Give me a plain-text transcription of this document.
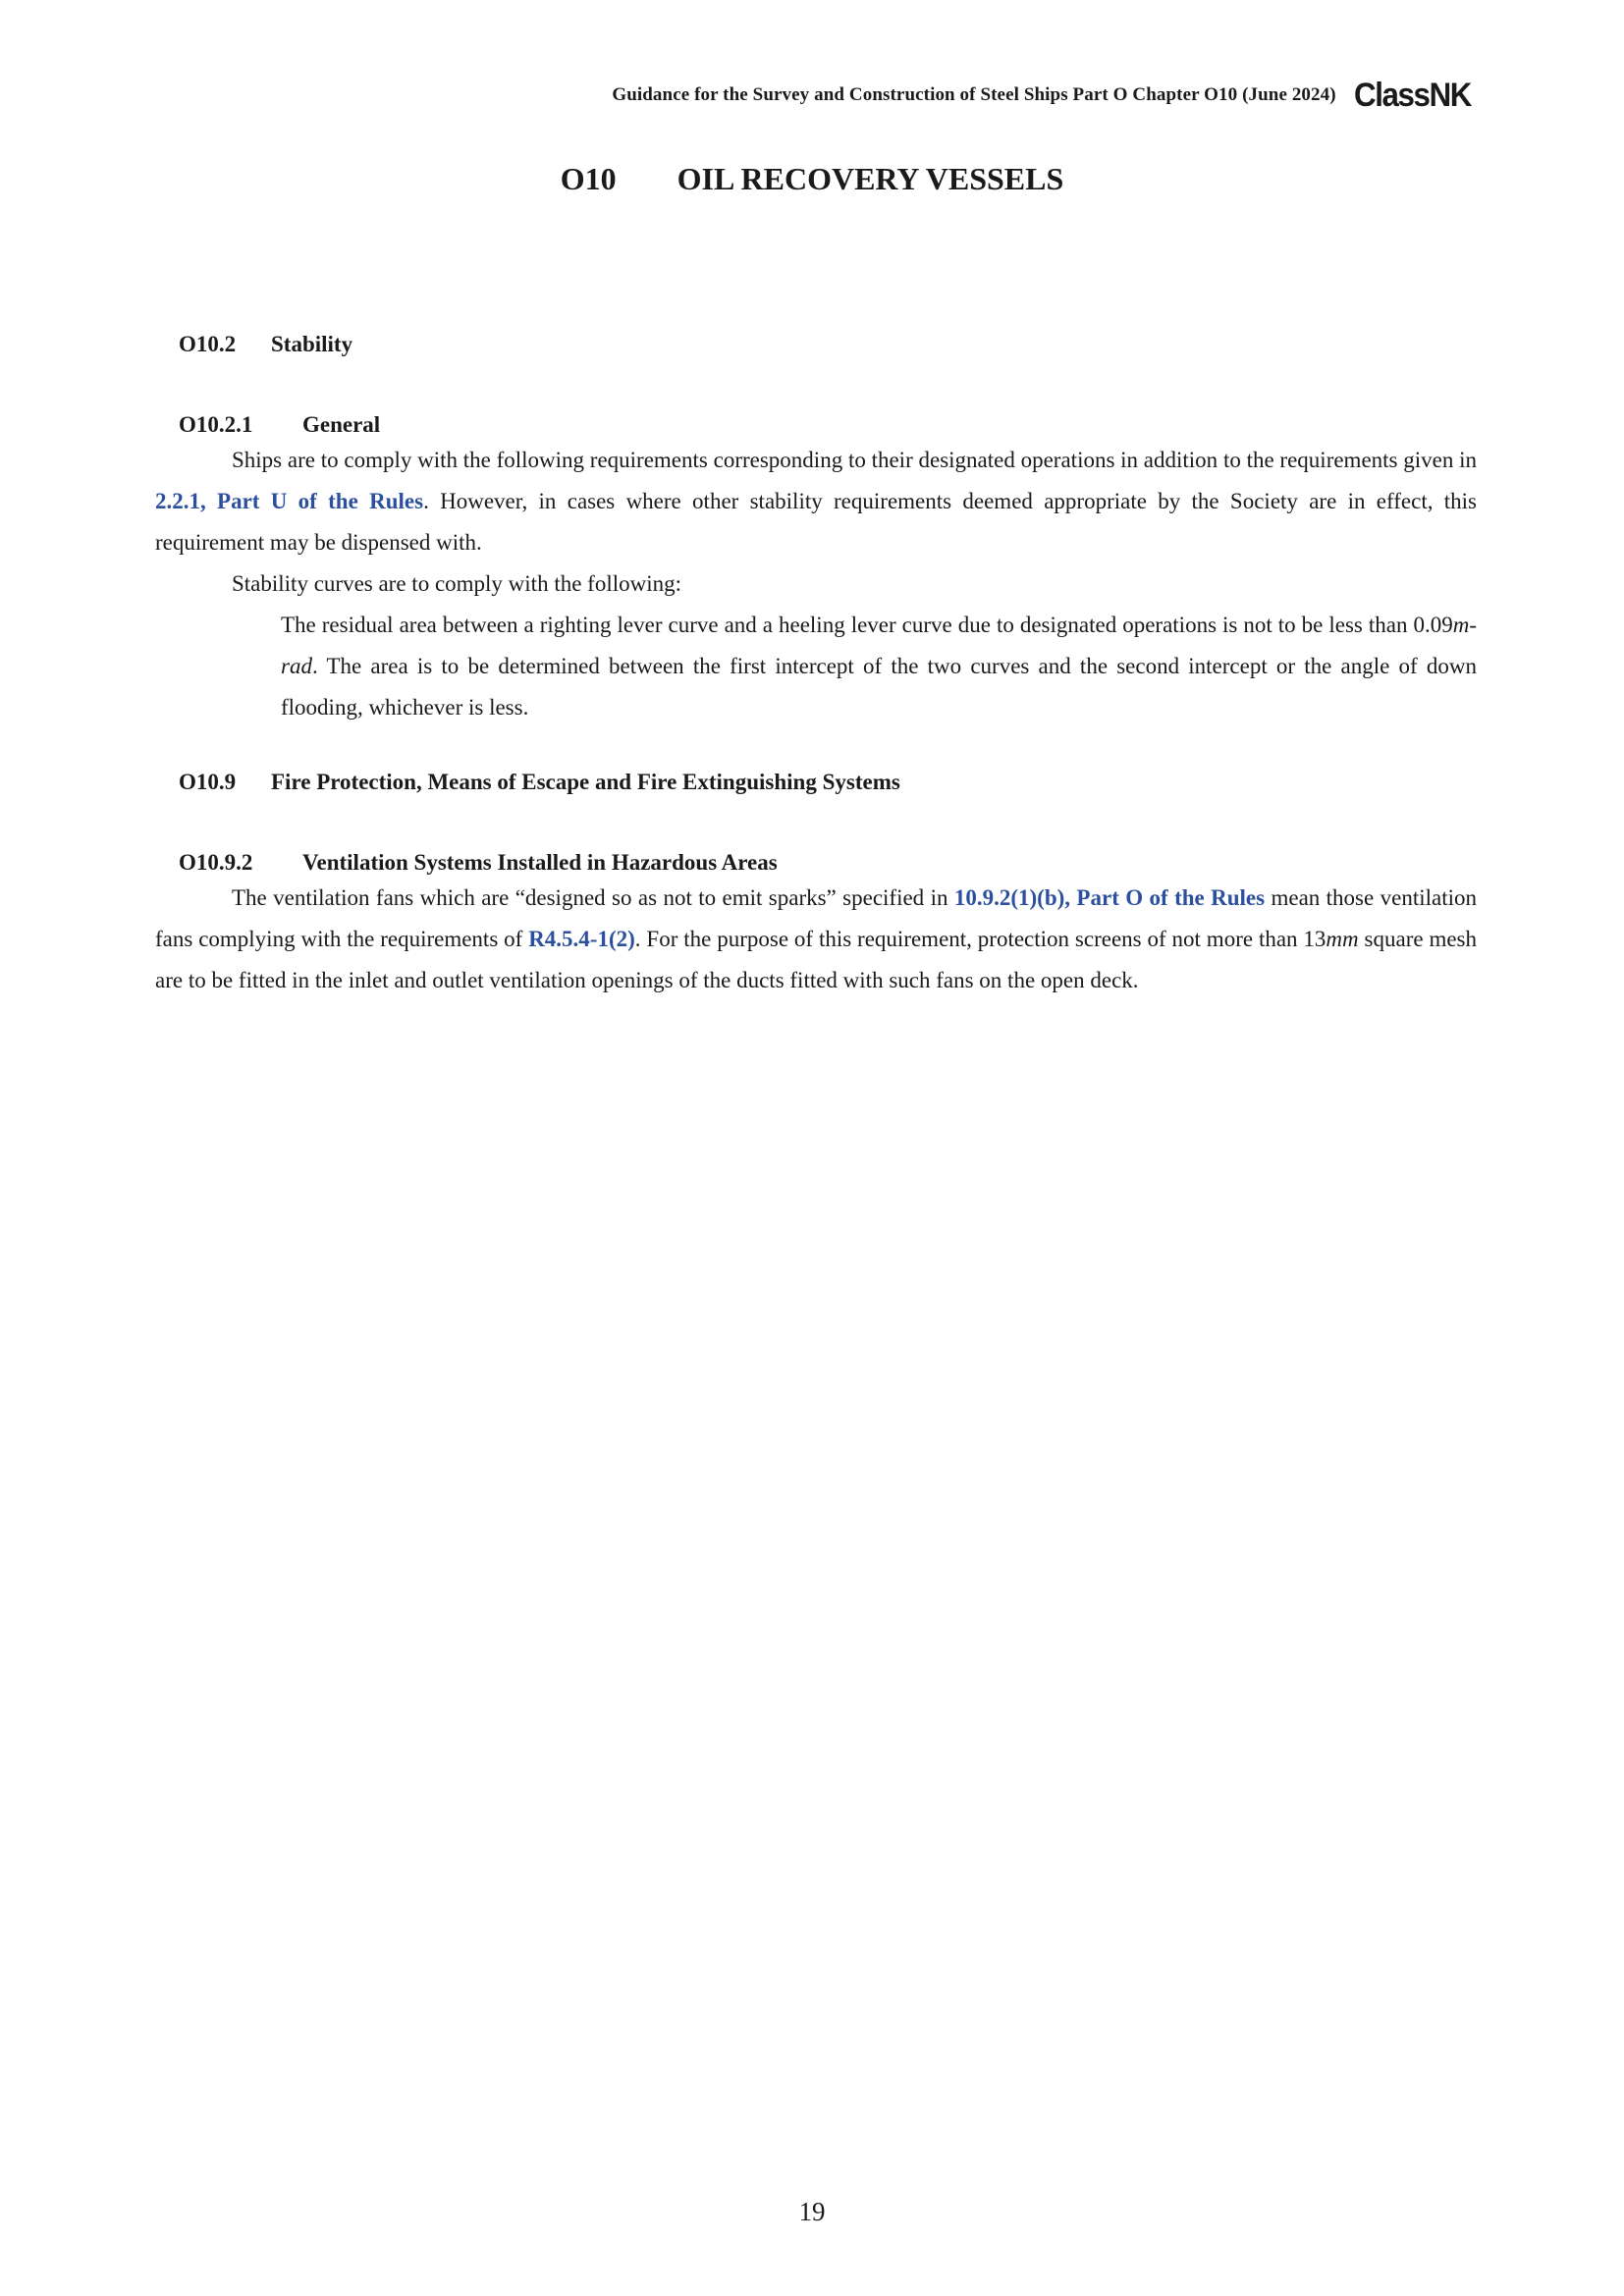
Guidance for the Survey and Construction of Steel Ships Part O Chapter O10 (June 2024) ClassNK
O10 OIL RECOVERY VESSELS
O10.2 Stability
O10.2.1 General

Ships are to comply with the following requirements corresponding to their designated operations in addition to the requirements given in 2.2.1, Part U of the Rules. However, in cases where other stability requirements deemed appropriate by the Society are in effect, this requirement may be dispensed with.

Stability curves are to comply with the following:

The residual area between a righting lever curve and a heeling lever curve due to designated operations is not to be less than 0.09m-rad. The area is to be determined between the first intercept of the two curves and the second intercept or the angle of down flooding, whichever is less.

O10.9 Fire Protection, Means of Escape and Fire Extinguishing Systems
O10.9.2 Ventilation Systems Installed in Hazardous Areas

The ventilation fans which are “designed so as not to emit sparks” specified in 10.9.2(1)(b), Part O of the Rules mean those ventilation fans complying with the requirements of R4.5.4-1(2). For the purpose of this requirement, protection screens of not more than 13mm square mesh are to be fitted in the inlet and outlet ventilation openings of the ducts fitted with such fans on the open deck.

19
